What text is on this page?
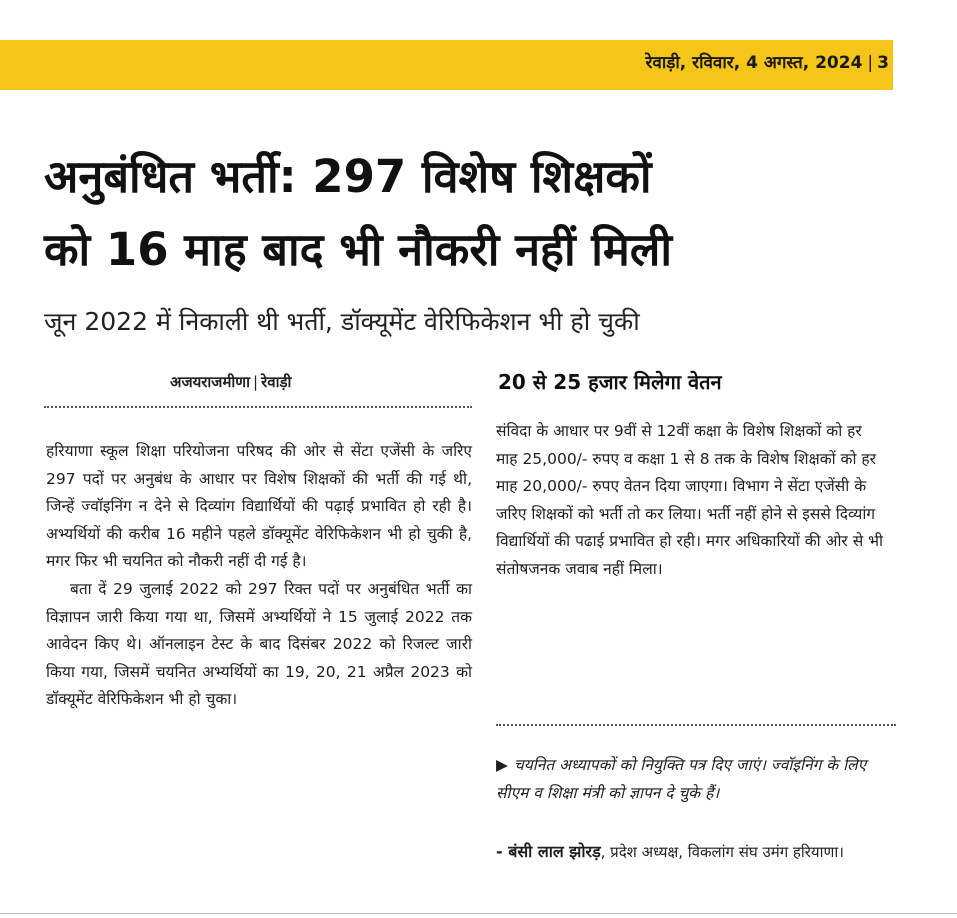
रेवाड़ी, रविवार, 4 अगस्त, 2024 | 3
अनुबंधित भर्ती: 297 विशेष शिक्षकों
को 16 माह बाद भी नौकरी नहीं मिली
जून 2022 में निकाली थी भर्ती, डॉक्यूमेंट वेरिफिकेशन भी हो चुकी
अजयराजमीणा | रेवाड़ी

हरियाणा स्कूल शिक्षा परियोजना परिषद की ओर से सेंटा एजेंसी के जरिए 297 पदों पर अनुबंध के आधार पर विशेष शिक्षकों की भर्ती की गई थी, जिन्हें ज्वॉइनिंग न देने से दिव्यांग विद्यार्थियों की पढ़ाई प्रभावित हो रही है। अभ्यर्थियों की करीब 16 महीने पहले डॉक्यूमेंट वेरिफिकेशन भी हो चुकी है, मगर फिर भी चयनित को नौकरी नहीं दी गई है।

बता दें 29 जुलाई 2022 को 297 रिक्त पदों पर अनुबंधित भर्ती का विज्ञापन जारी किया गया था, जिसमें अभ्यर्थियों ने 15 जुलाई 2022 तक आवेदन किए थे। ऑनलाइन टेस्ट के बाद दिसंबर 2022 को रिजल्ट जारी किया गया, जिसमें चयनित अभ्यर्थियों का 19, 20, 21 अप्रैल 2023 को डॉक्यूमेंट वेरिफिकेशन भी हो चुका।

20 से 25 हजार मिलेगा वेतन

संविदा के आधार पर 9वीं से 12वीं कक्षा के विशेष शिक्षकों को हर माह 25,000/- रुपए व कक्षा 1 से 8 तक के विशेष शिक्षकों को हर माह 20,000/- रुपए वेतन दिया जाएगा। विभाग ने सेंटा एजेंसी के जरिए शिक्षकों को भर्ती तो कर लिया। भर्ती नहीं होने से इससे दिव्यांग विद्यार्थियों की पढाई प्रभावित हो रही। मगर अधिकारियों की ओर से भी संतोषजनक जवाब नहीं मिला।

▶ चयनित अध्यापकों को नियुक्ति पत्र दिए जाएं। ज्वॉइनिंग के लिए सीएम व शिक्षा मंत्री को ज्ञापन दे चुके हैं।

- बंसी लाल झोरड़, प्रदेश अध्यक्ष, विकलांग संघ उमंग हरियाणा।
